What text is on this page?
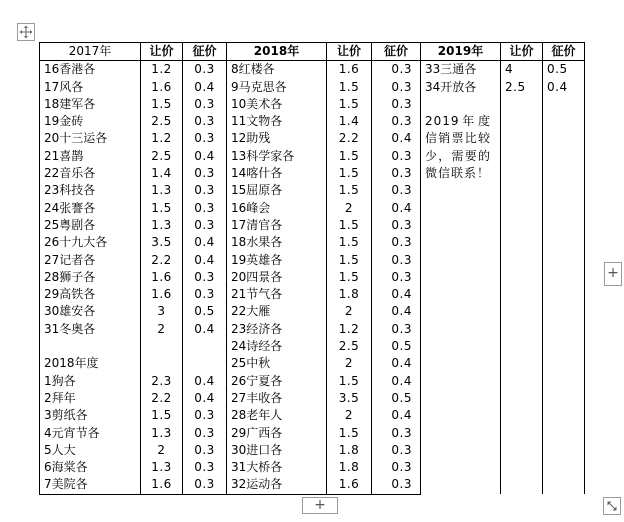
2017年	让价	征价	2018年	让价	征价	2019年	让价	征价
16香港各	1.2	0.3	8红楼各	1.6	0.3	33三通各	4	0.5
17风各	1.6	0.4	9马克思各	1.5	0.3	34开放各	2.5	0.4
18建军各	1.5	0.3	10美术各	1.5	0.3	2019年度信销票比较少，需要的微信联系！		

19金砖	2.5	0.3	11文物各	1.4	0.3			
20十三运各	1.2	0.3	12助残	2.2	0.4			
21喜鹊	2.5	0.4	13科学家各	1.5	0.3			
22音乐各	1.4	0.3	14喀什各	1.5	0.3			
23科技各	1.3	0.3	15屈原各	1.5	0.3			
24张謇各	1.5	0.3	16峰会	2	0.4			
25粤剧各	1.3	0.3	17清官各	1.5	0.3			
26十九大各	3.5	0.4	18水果各	1.5	0.3			
27记者各	2.2	0.4	19英雄各	1.5	0.3			
28狮子各	1.6	0.3	20四景各	1.5	0.3			
29高铁各	1.6	0.3	21节气各	1.8	0.4			
30雄安各	3	0.5	22大雁	2	0.4			
31冬奥各	2	0.4	23经济各	1.2	0.3			
			24诗经各	2.5	0.5			
2018年度			25中秋	2	0.4			
1狗各	2.3	0.4	26宁夏各	1.5	0.4			
2拜年	2.2	0.4	27丰收各	3.5	0.5			
3剪纸各	1.5	0.3	28老年人	2	0.4			
4元宵节各	1.3	0.3	29广西各	1.5	0.3			
5人大	2	0.3	30进口各	1.8	0.3			
6海棠各	1.3	0.3	31大桥各	1.8	0.3			
7美院各	1.6	0.3	32运动各	1.6	0.3			
+
+
